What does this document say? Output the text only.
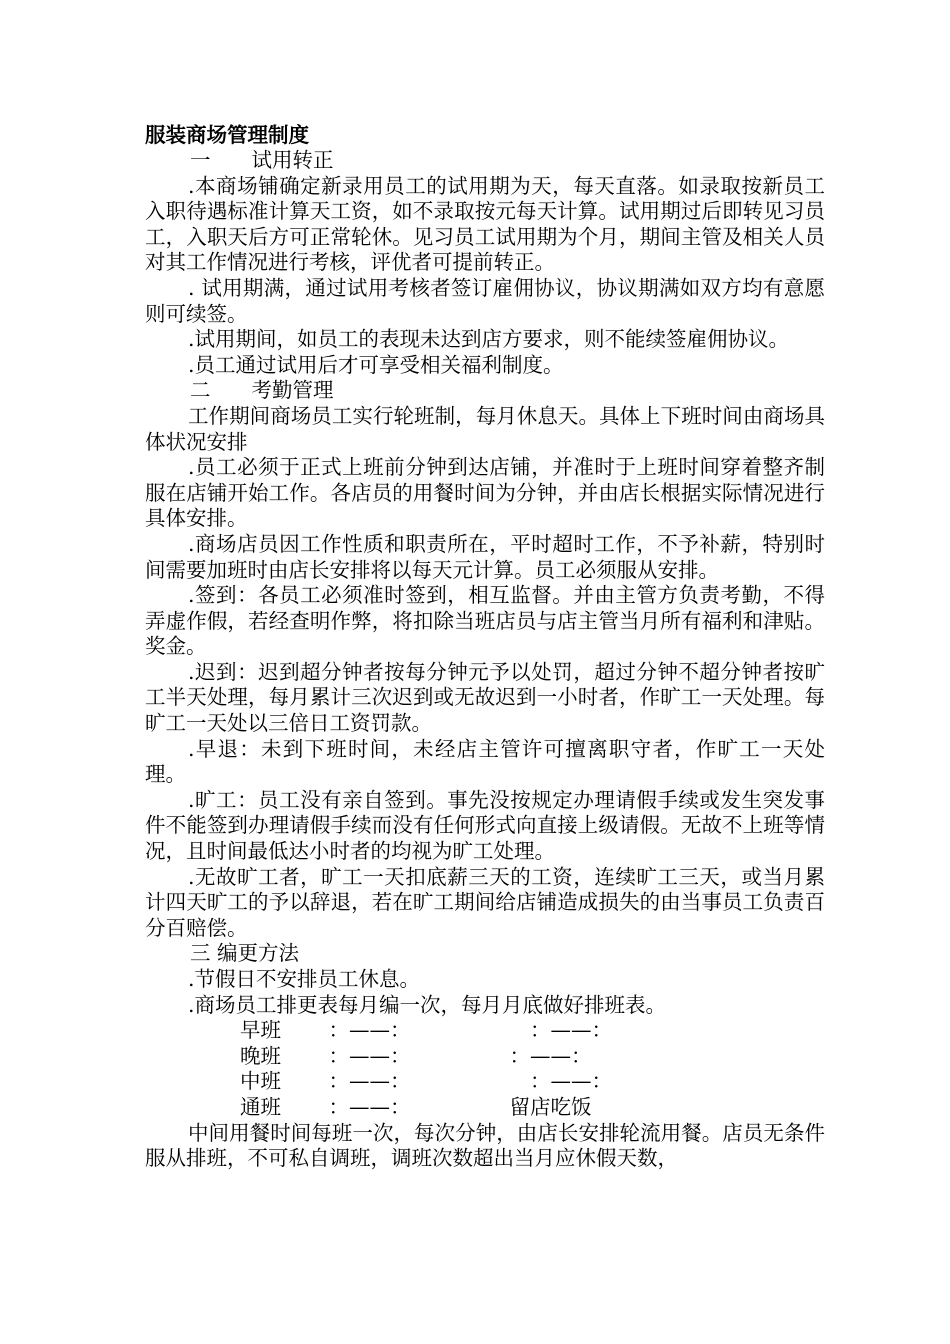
服装商场管理制度

一　　试用转正

.本商场铺确定新录用员工的试用期为天，每天直落。如录取按新员工入职待遇标准计算天工资，如不录取按元每天计算。试用期过后即转见习员工，入职天后方可正常轮休。见习员工试用期为个月，期间主管及相关人员对其工作情况进行考核，评优者可提前转正。

. 试用期满，通过试用考核者签订雇佣协议，协议期满如双方均有意愿则可续签。

.试用期间，如员工的表现未达到店方要求，则不能续签雇佣协议。

.员工通过试用后才可享受相关福利制度。

二　　考勤管理

工作期间商场员工实行轮班制，每月休息天。具体上下班时间由商场具体状况安排

.员工必须于正式上班前分钟到达店铺，并准时于上班时间穿着整齐制服在店铺开始工作。各店员的用餐时间为分钟，并由店长根据实际情况进行具体安排。

.商场店员因工作性质和职责所在，平时超时工作，不予补薪，特别时间需要加班时由店长安排将以每天元计算。员工必须服从安排。

.签到：各员工必须准时签到，相互监督。并由主管方负责考勤，不得弄虚作假，若经查明作弊，将扣除当班店员与店主管当月所有福利和津贴。奖金。

.迟到：迟到超分钟者按每分钟元予以处罚，超过分钟不超分钟者按旷工半天处理，每月累计三次迟到或无故迟到一小时者，作旷工一天处理。每旷工一天处以三倍日工资罚款。

.早退：未到下班时间，未经店主管许可擅离职守者，作旷工一天处理。

.旷工：员工没有亲自签到。事先没按规定办理请假手续或发生突发事件不能签到办理请假手续而没有任何形式向直接上级请假。无故不上班等情况，且时间最低达小时者的均视为旷工处理。

.无故旷工者，旷工一天扣底薪三天的工资，连续旷工三天，或当月累计四天旷工的予以辞退，若在旷工期间给店铺造成损失的由当事员工负责百分百赔偿。

三 编更方法

.节假日不安排员工休息。

.商场员工排更表每月编一次，每月月底做好排班表。

早班	　：——：	　　　　：——：
晚班	　：——：	　　　：——：
中班	　：——：	　　　　：——：
通班	　：——：	　　　留店吃饭

中间用餐时间每班一次，每次分钟，由店长安排轮流用餐。店员无条件服从排班，不可私自调班，调班次数超出当月应休假天数，
